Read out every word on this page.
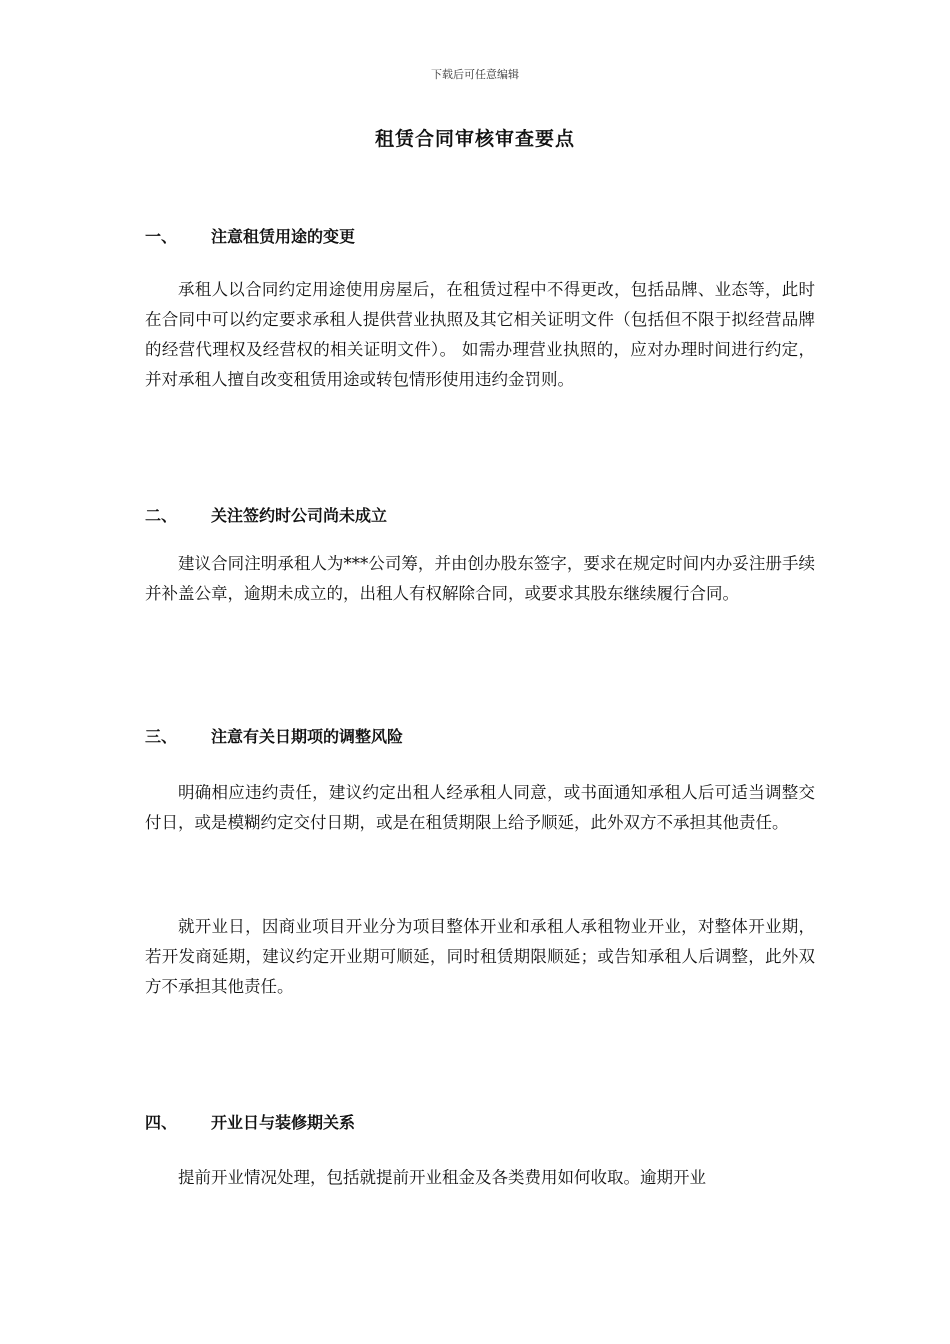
下载后可任意编辑
租赁合同审核审查要点
一、 注意租赁用途的变更
承租人以合同约定用途使用房屋后，在租赁过程中不得更改，包括品牌、业态等，此时在合同中可以约定要求承租人提供营业执照及其它相关证明文件（包括但不限于拟经营品牌的经营代理权及经营权的相关证明文件）。 如需办理营业执照的，应对办理时间进行约定，并对承租人擅自改变租赁用途或转包情形使用违约金罚则。
二、 关注签约时公司尚未成立
建议合同注明承租人为***公司筹，并由创办股东签字，要求在规定时间内办妥注册手续并补盖公章，逾期未成立的，出租人有权解除合同，或要求其股东继续履行合同。
三、 注意有关日期项的调整风险
明确相应违约责任，建议约定出租人经承租人同意，或书面通知承租人后可适当调整交付日，或是模糊约定交付日期，或是在租赁期限上给予顺延，此外双方不承担其他责任。
就开业日，因商业项目开业分为项目整体开业和承租人承租物业开业，对整体开业期，若开发商延期，建议约定开业期可顺延，同时租赁期限顺延；或告知承租人后调整，此外双方不承担其他责任。
四、 开业日与装修期关系
提前开业情况处理，包括就提前开业租金及各类费用如何收取。逾期开业
